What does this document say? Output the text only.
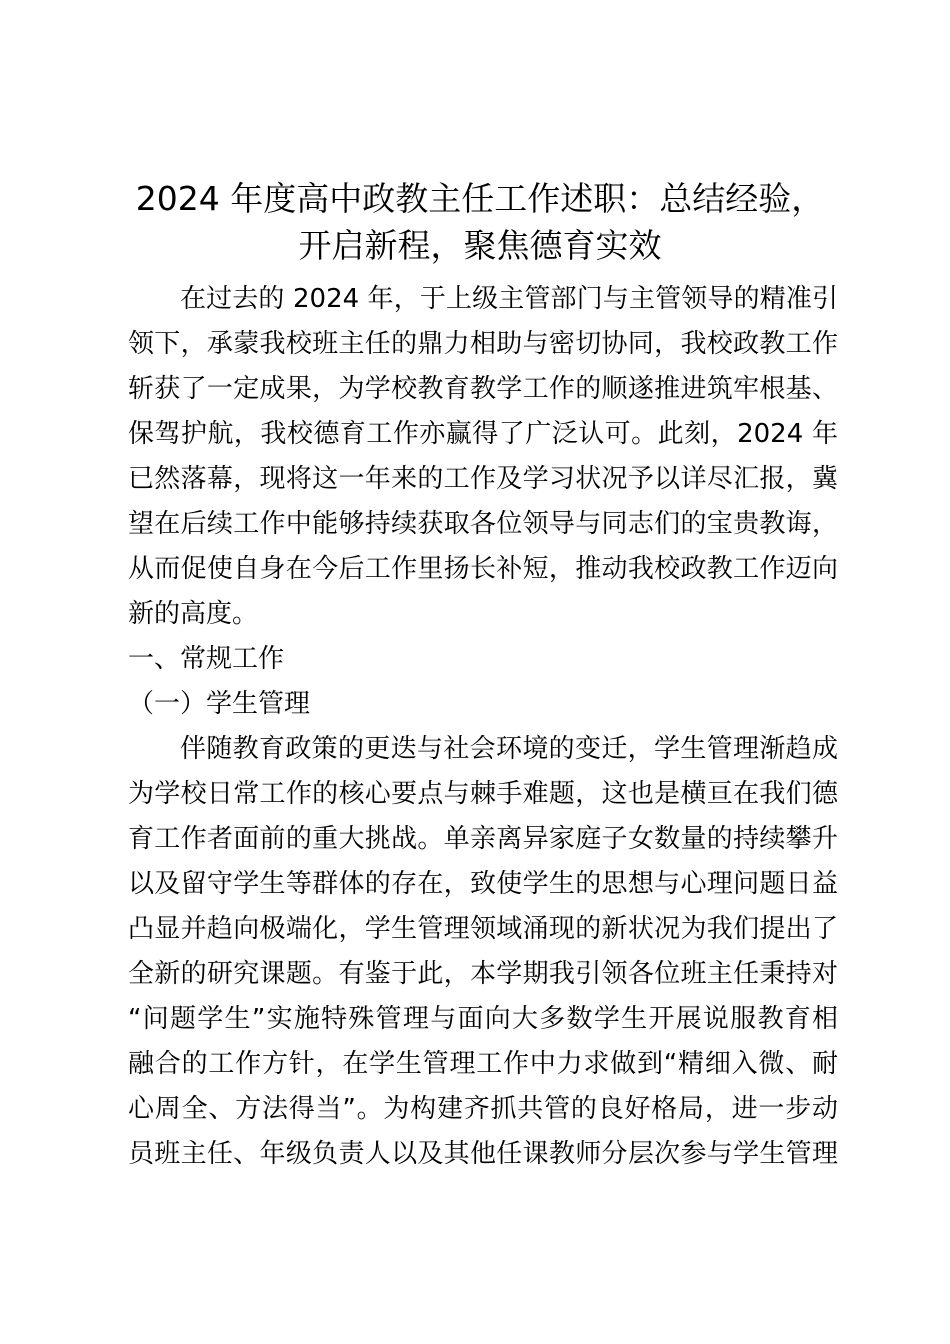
2024 年度高中政教主任工作述职：总结经验，
开启新程，聚焦德育实效

在过去的 2024 年，于上级主管部门与主管领导的精准引
领下，承蒙我校班主任的鼎力相助与密切协同，我校政教工作
斩获了一定成果，为学校教育教学工作的顺遂推进筑牢根基、
保驾护航，我校德育工作亦赢得了广泛认可。此刻，2024 年
已然落幕，现将这一年来的工作及学习状况予以详尽汇报，冀
望在后续工作中能够持续获取各位领导与同志们的宝贵教诲，
从而促使自身在今后工作里扬长补短，推动我校政教工作迈向
新的高度。

一、常规工作

（一）学生管理

伴随教育政策的更迭与社会环境的变迁，学生管理渐趋成
为学校日常工作的核心要点与棘手难题，这也是横亘在我们德
育工作者面前的重大挑战。单亲离异家庭子女数量的持续攀升
以及留守学生等群体的存在，致使学生的思想与心理问题日益
凸显并趋向极端化，学生管理领域涌现的新状况为我们提出了
全新的研究课题。有鉴于此，本学期我引领各位班主任秉持对
“问题学生”实施特殊管理与面向大多数学生开展说服教育相
融合的工作方针，在学生管理工作中力求做到“精细入微、耐
心周全、方法得当”。为构建齐抓共管的良好格局，进一步动
员班主任、年级负责人以及其他任课教师分层次参与学生管理
